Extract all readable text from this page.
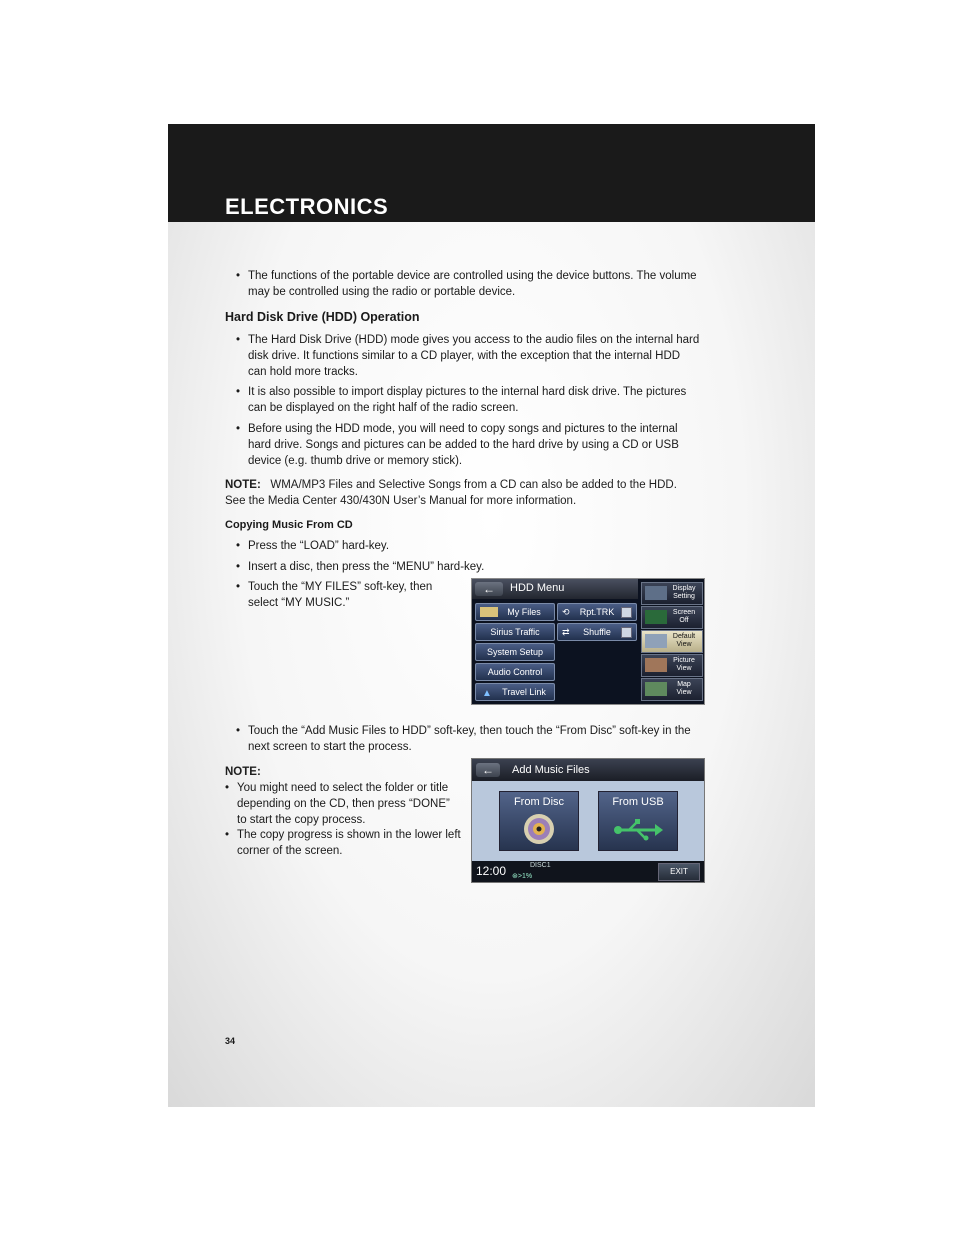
ELECTRONICS
• The functions of the portable device are controlled using the device buttons. The volume
may be controlled using the radio or portable device.
Hard Disk Drive (HDD) Operation
• The Hard Disk Drive (HDD) mode gives you access to the audio files on the internal hard
disk drive. It functions similar to a CD player, with the exception that the internal HDD
can hold more tracks.
• It is also possible to import display pictures to the internal hard disk drive. The pictures
can be displayed on the right half of the radio screen.
• Before using the HDD mode, you will need to copy songs and pictures to the internal
hard drive. Songs and pictures can be added to the hard drive by using a CD or USB
device (e.g. thumb drive or memory stick).
NOTE: WMA/MP3 Files and Selective Songs from a CD can also be added to the HDD.
See the Media Center 430/430N User’s Manual for more information.
Copying Music From CD
• Press the “LOAD” hard-key.
• Insert a disc, then press the “MENU” hard-key.
• Touch the “MY FILES” soft-key, then
select “MY MUSIC.”
←	HDD Menu
My Files
Sirius Traffic
System Setup
Audio Control
▲ Travel Link
⟲ Rpt.TRK
⇄ Shuffle
Display
Setting
Screen
Off
Default
View
Picture
View
Map
View
• Touch the “Add Music Files to HDD” soft-key, then touch the “From Disc” soft-key in the
next screen to start the process.
NOTE:
• You might need to select the folder or title
depending on the CD, then press “DONE”
to start the copy process.
• The copy progress is shown in the lower left
corner of the screen.
←	Add Music Files
From Disc	From USB
12:00	DISC1
⊛>1%
EXIT
34
